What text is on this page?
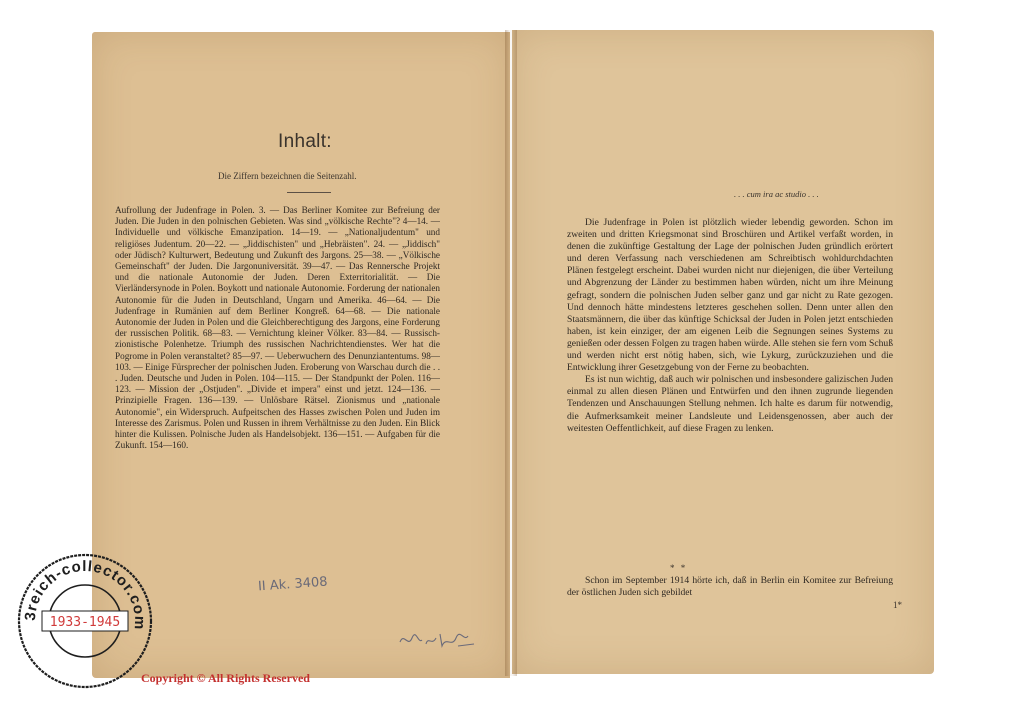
Inhalt:
Die Ziffern bezeichnen die Seitenzahl.
Aufrollung der Judenfrage in Polen. 3. — Das Berliner Komitee zur Befreiung der Juden. Die Juden in den polnischen Gebieten. Was sind „völkische Rechte"? 4—14. — Individuelle und völkische Emanzipation. 14—19. — „Nationaljudentum" und religiöses Judentum. 20—22. — „Jiddischisten" und „Hebräisten". 24. — „Jiddisch" oder Jüdisch? Kulturwert, Bedeutung und Zukunft des Jargons. 25—38. — „Völkische Gemeinschaft" der Juden. Die Jargonuniversität. 39—47. — Das Rennersche Projekt und die nationale Autonomie der Juden. Deren Exterritorialität. — Die Vierländersynode in Polen. Boykott und nationale Autonomie. Forderung der nationalen Autonomie für die Juden in Deutschland, Ungarn und Amerika. 46—64. — Die Judenfrage in Rumänien auf dem Berliner Kongreß. 64—68. — Die nationale Autonomie der Juden in Polen und die Gleichberechtigung des Jargons, eine Forderung der russischen Politik. 68—83. — Vernichtung kleiner Völker. 83—84. — Russisch-zionistische Polenhetze. Triumph des russischen Nachrichtendienstes. Wer hat die Pogrome in Polen veranstaltet? 85—97. — Ueberwuchern des Denunziantentums. 98—103. — Einige Fürsprecher der polnischen Juden. Eroberung von Warschau durch die . . . Juden. Deutsche und Juden in Polen. 104—115. — Der Standpunkt der Polen. 116—123. — Mission der „Ostjuden". „Divide et impera" einst und jetzt. 124—136. — Prinzipielle Fragen. 136—139. — Unlösbare Rätsel. Zionismus und „nationale Autonomie", ein Widerspruch. Aufpeitschen des Hasses zwischen Polen und Juden im Interesse des Zarismus. Polen und Russen in ihrem Verhältnisse zu den Juden. Ein Blick hinter die Kulissen. Polnische Juden als Handelsobjekt. 136—151. — Aufgaben für die Zukunft. 154—160.
II Ak. 3408
. . . cum ira ac studio . . .

Die Judenfrage in Polen ist plötzlich wieder lebendig geworden. Schon im zweiten und dritten Kriegsmonat sind Broschüren und Artikel verfaßt worden, in denen die zukünftige Gestaltung der Lage der polnischen Juden gründlich erörtert und deren Verfassung nach verschiedenen am Schreibtisch wohldurchdachten Plänen festgelegt erscheint. Dabei wurden nicht nur diejenigen, die über Verteilung und Abgrenzung der Länder zu bestimmen haben würden, nicht um ihre Meinung gefragt, sondern die polnischen Juden selber ganz und gar nicht zu Rate gezogen. Und dennoch hätte mindestens letzteres geschehen sollen. Denn unter allen den Staatsmännern, die über das künftige Schicksal der Juden in Polen jetzt entschieden haben, ist kein einziger, der am eigenen Leib die Segnungen seines Systems zu genießen oder dessen Folgen zu tragen haben würde. Alle stehen sie fern vom Schuß und werden nicht erst nötig haben, sich, wie Lykurg, zurückzuziehen und die Entwicklung ihrer Gesetzgebung von der Ferne zu beobachten.

Es ist nun wichtig, daß auch wir polnischen und insbesondere galizischen Juden einmal zu allen diesen Plänen und Entwürfen und den ihnen zugrunde liegenden Tendenzen und Anschauungen Stellung nehmen. Ich halte es darum für notwendig, die Aufmerksamkeit meiner Landsleute und Leidensgenossen, aber auch der weitesten Oeffentlichkeit, auf diese Fragen zu lenken.

* *
Schon im September 1914 hörte ich, daß in Berlin ein Komitee zur Befreiung der östlichen Juden sich gebildet
1*
3reich-collector.com
1933-1945
Copyright © All Rights Reserved
